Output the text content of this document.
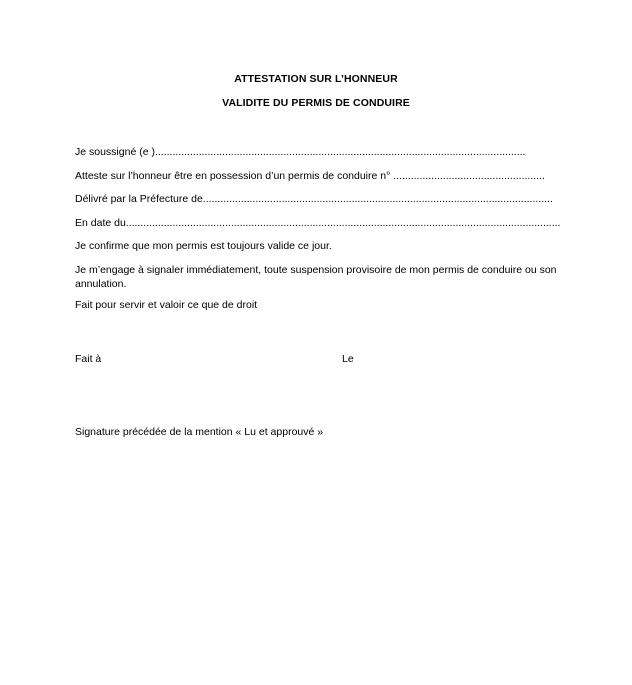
ATTESTATION SUR L’HONNEUR
VALIDITE DU PERMIS DE CONDUIRE
Je soussigné (e )...............................................................................................................................
Atteste sur l’honneur être en possession d’un permis de conduire n° ....................................................
Délivré par la Préfecture de........................................................................................................................
En date du.....................................................................................................................................................
Je confirme que mon permis est toujours valide ce jour.
Je m’engage à signaler immédiatement, toute suspension provisoire de mon permis de conduire ou son annulation.
Fait pour servir et valoir ce que de droit
Fait à	Le
Signature précédée de la mention « Lu et approuvé »
